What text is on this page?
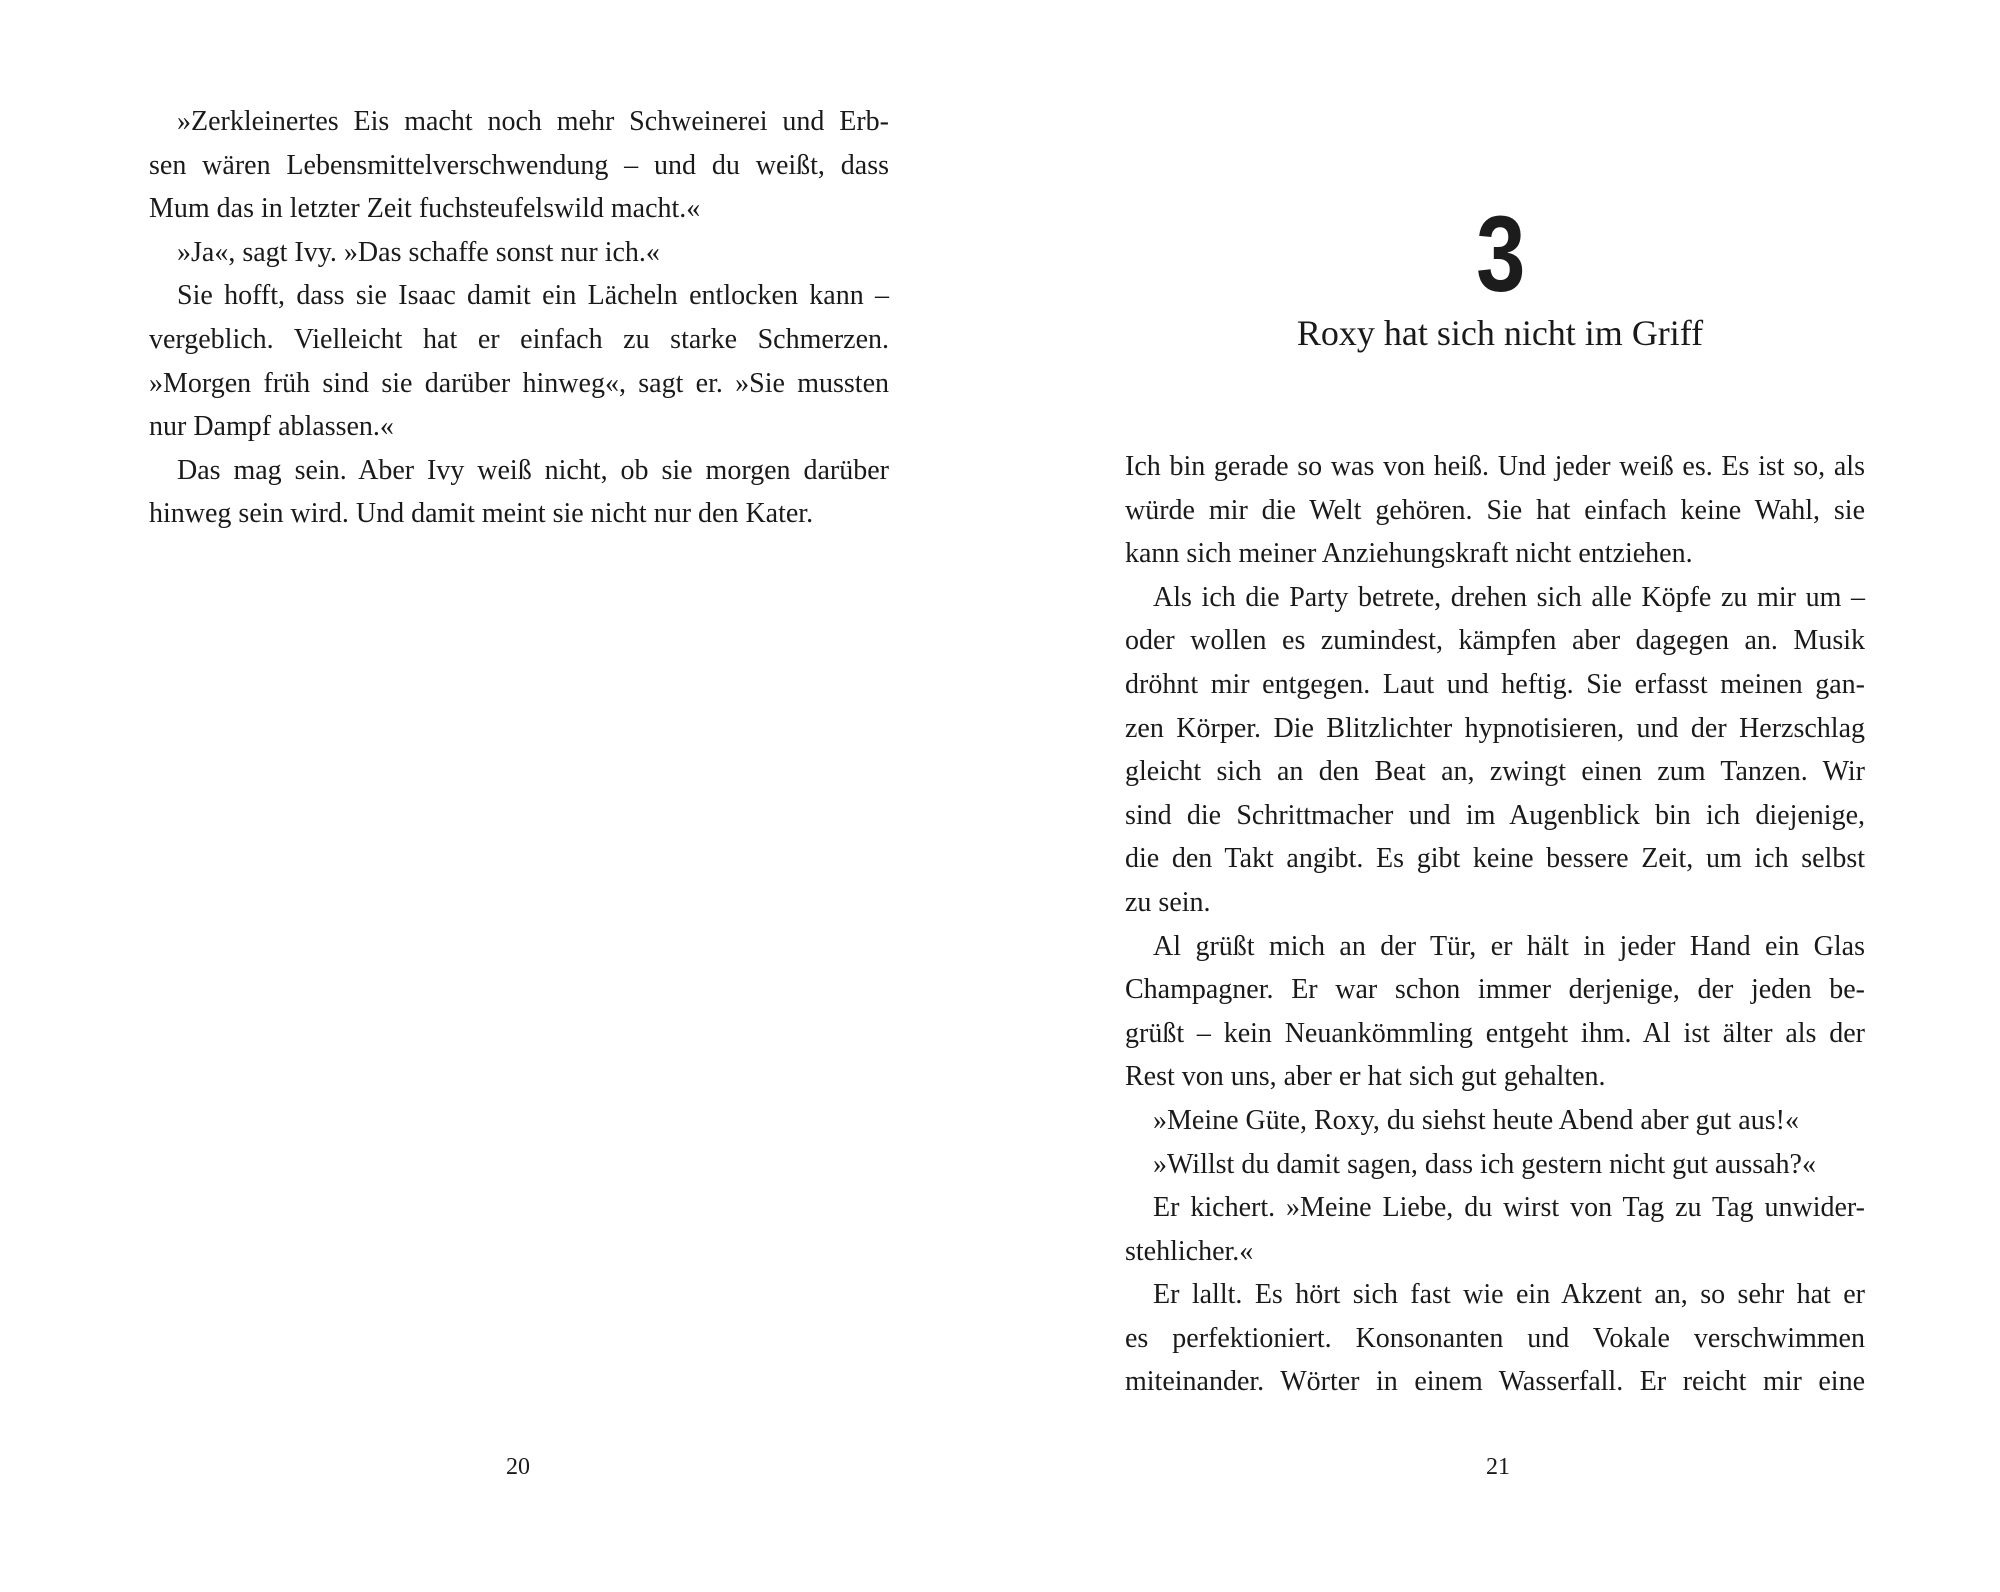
»Zerkleinertes Eis macht noch mehr Schweinerei und Erb-
sen wären Lebensmittelverschwendung – und du weißt, dass
Mum das in letzter Zeit fuchsteufelswild macht.«
»Ja«, sagt Ivy. »Das schaffe sonst nur ich.«
Sie hofft, dass sie Isaac damit ein Lächeln entlocken kann –
vergeblich. Vielleicht hat er einfach zu starke Schmerzen.
»Morgen früh sind sie darüber hinweg«, sagt er. »Sie mussten
nur Dampf ablassen.«
Das mag sein. Aber Ivy weiß nicht, ob sie morgen darüber
hinweg sein wird. Und damit meint sie nicht nur den Kater.
20
3
Roxy hat sich nicht im Griff
Ich bin gerade so was von heiß. Und jeder weiß es. Es ist so, als
würde mir die Welt gehören. Sie hat einfach keine Wahl, sie
kann sich meiner Anziehungskraft nicht entziehen.
Als ich die Party betrete, drehen sich alle Köpfe zu mir um –
oder wollen es zumindest, kämpfen aber dagegen an. Musik
dröhnt mir entgegen. Laut und heftig. Sie erfasst meinen gan-
zen Körper. Die Blitzlichter hypnotisieren, und der Herzschlag
gleicht sich an den Beat an, zwingt einen zum Tanzen. Wir
sind die Schrittmacher und im Augenblick bin ich diejenige,
die den Takt angibt. Es gibt keine bessere Zeit, um ich selbst
zu sein.
Al grüßt mich an der Tür, er hält in jeder Hand ein Glas
Champagner. Er war schon immer derjenige, der jeden be-
grüßt – kein Neuankömmling entgeht ihm. Al ist älter als der
Rest von uns, aber er hat sich gut gehalten.
»Meine Güte, Roxy, du siehst heute Abend aber gut aus!«
»Willst du damit sagen, dass ich gestern nicht gut aussah?«
Er kichert. »Meine Liebe, du wirst von Tag zu Tag unwider-
stehlicher.«
Er lallt. Es hört sich fast wie ein Akzent an, so sehr hat er
es perfektioniert. Konsonanten und Vokale verschwimmen
miteinander. Wörter in einem Wasserfall. Er reicht mir eine
21
